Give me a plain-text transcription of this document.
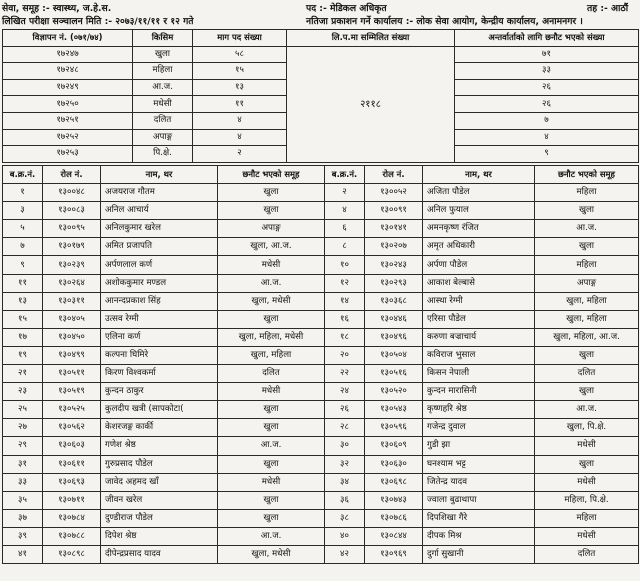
सेवा, समूह :- स्वास्थ्य, ज.हे.स.	पद :- मेडिकल अधिकृत	तह :- आठौं
लिखित परीक्षा सञ्चालन मिति :- २०७३/११/११ र १२ गते	नतिजा प्रकाशन गर्ने कार्यालय :- लोक सेवा आयोग, केन्द्रीय कार्यालय, अनामनगर ।
विज्ञापन नं. (०७१/७४)	किसिम	माग पद संख्या	लि.प.मा सम्मिलित संख्या	अन्तर्वार्ताको लागि छनौट भएको संख्या
१७२४७	खुला	५८	२११८	७१
१७२४८	महिला	१५		३३
१७२४९	आ.ज.	१३		२६
१७२५०	मधेसी	११		२६
१७२५१	दलित	४		७
१७२५२	अपाङ्ग	४		४
१७२५३	पि.क्षे.	२		९
ब.क्र.नं.	रोल नं.	नाम, थर	छनौट भएको समूह	ब.क्र.नं.	रोल नं.	नाम, थर	छनौट भएको समूह
१	१३००४८	अजयराज गौतम	खुला	२	१३००५२	अजिता पौडेल	महिला
३	१३००८३	अनिल आचार्य	खुला	४	१३००९१	अनिल फुयाल	खुला
५	१३००९५	अनिलकुमार खरेल	अपाङ्ग	६	१३०१४१	अमनकृष्ण रंजित	आ.ज.
७	१३०१७९	अमित प्रजापति	खुला, आ.ज.	८	१३०२०७	अमृत अधिकारी	खुला
९	१३०२३९	अर्पणलाल कर्ण	मधेसी	१०	१३०२४३	अर्पणा पौडेल	महिला
११	१३०२६४	अशोककुमार मण्डल	आ.ज.	१२	१३०२९३	आकाश बेल्बासे	अपाङ्ग
१३	१३०३११	आनन्दप्रकाश सिंह	खुला, मधेसी	१४	१३०३६८	आस्था रेग्मी	खुला, महिला
१५	१३०४०५	उत्सव रेग्मी	खुला	१६	१३०४४६	एरिसा पौडेल	खुला, महिला
१७	१३०४५०	एलिना कर्ण	खुला, महिला, मधेसी	१८	१३०४९६	करुणा बज्राचार्य	खुला, महिला, आ.ज.
१९	१३०४९९	कल्पना घिमिरे	खुला, महिला	२०	१३०५०४	कविराज भुसाल	खुला
२१	१३०५११	किरण विश्वकर्मा	दलित	२२	१३०५१६	किसन नेपाली	दलित
२३	१३०५१९	कुन्दन ठाकुर	मधेसी	२४	१३०५२०	कुन्दन मारासिनी	खुला
२५	१३०५२५	कुलदीप खत्री (सापकोटा(	खुला	२६	१३०५४३	कृष्णहरि श्रेष्ठ	आ.ज.
२७	१३०५६२	केशरजङ्ग कार्की	खुला	२८	१३०५९६	गजेन्द्र दुवाल	खुला, पि.क्षे.
२९	१३०६०३	गणेश श्रेष्ठ	आ.ज.	३०	१३०६०९	गुडी झा	मधेसी
३१	१३०६११	गुरुप्रसाद पौडेल	खुला	३२	१३०६३०	घनश्याम भट्ट	खुला
३३	१३०६९३	जावेद अहमद खाँ	मधेसी	३४	१३०६९८	जितेन्द्र यादव	मधेसी
३५	१३०७११	जीवन खरेल	खुला	३६	१३०७४३	ज्वाला बुढाथापा	महिला, पि.क्षे.
३७	१३०७८४	दुण्डीराज पौडेल	खुला	३८	१३०७८६	दिपशिखा गैरे	महिला
३९	१३०७८८	दिपेश श्रेष्ठ	आ.ज.	४०	१३०८४४	दीपक मिश्र	मधेसी
४१	१३०८९८	दीपेन्द्रप्रसाद यादव	खुला, मधेसी	४२	१३०९६९	दुर्गा सुखानी	दलित
